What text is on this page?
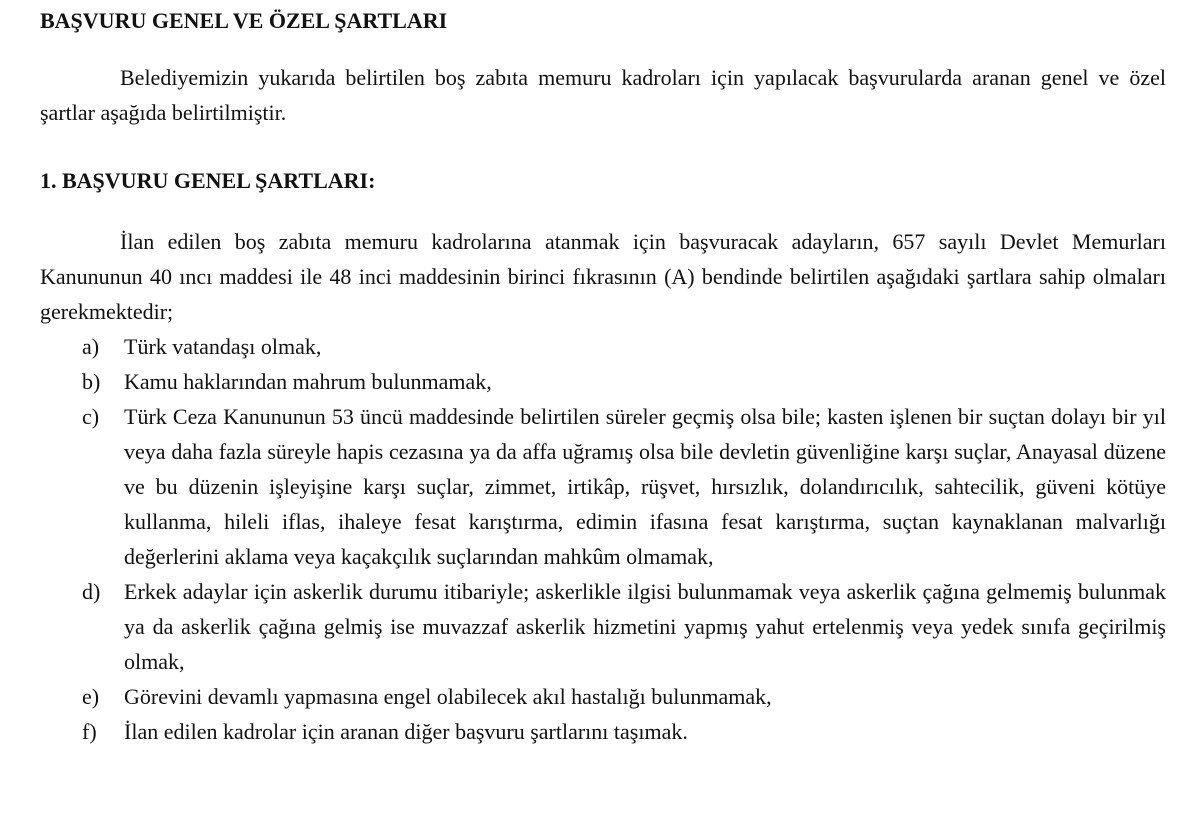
BAŞVURU GENEL VE ÖZEL ŞARTLARI

Belediyemizin yukarıda belirtilen boş zabıta memuru kadroları için yapılacak başvurularda aranan genel ve özel şartlar aşağıda belirtilmiştir.

1. BAŞVURU GENEL ŞARTLARI:

İlan edilen boş zabıta memuru kadrolarına atanmak için başvuracak adayların, 657 sayılı Devlet Memurları Kanununun 40 ıncı maddesi ile 48 inci maddesinin birinci fıkrasının (A) bendinde belirtilen aşağıdaki şartlara sahip olmaları gerekmektedir;

a)	Türk vatandaşı olmak,
b)	Kamu haklarından mahrum bulunmamak,
c)	Türk Ceza Kanununun 53 üncü maddesinde belirtilen süreler geçmiş olsa bile; kasten işlenen bir suçtan dolayı bir yıl veya daha fazla süreyle hapis cezasına ya da affa uğramış olsa bile devletin güvenliğine karşı suçlar, Anayasal düzene ve bu düzenin işleyişine karşı suçlar, zimmet, irtikâp, rüşvet, hırsızlık, dolandırıcılık, sahtecilik, güveni kötüye kullanma, hileli iflas, ihaleye fesat karıştırma, edimin ifasına fesat karıştırma, suçtan kaynaklanan malvarlığı değerlerini aklama veya kaçakçılık suçlarından mahkûm olmamak,
d)	Erkek adaylar için askerlik durumu itibariyle; askerlikle ilgisi bulunmamak veya askerlik çağına gelmemiş bulunmak ya da askerlik çağına gelmiş ise muvazzaf askerlik hizmetini yapmış yahut ertelenmiş veya yedek sınıfa geçirilmiş olmak,
e)	Görevini devamlı yapmasına engel olabilecek akıl hastalığı bulunmamak,
f)	İlan edilen kadrolar için aranan diğer başvuru şartlarını taşımak.
